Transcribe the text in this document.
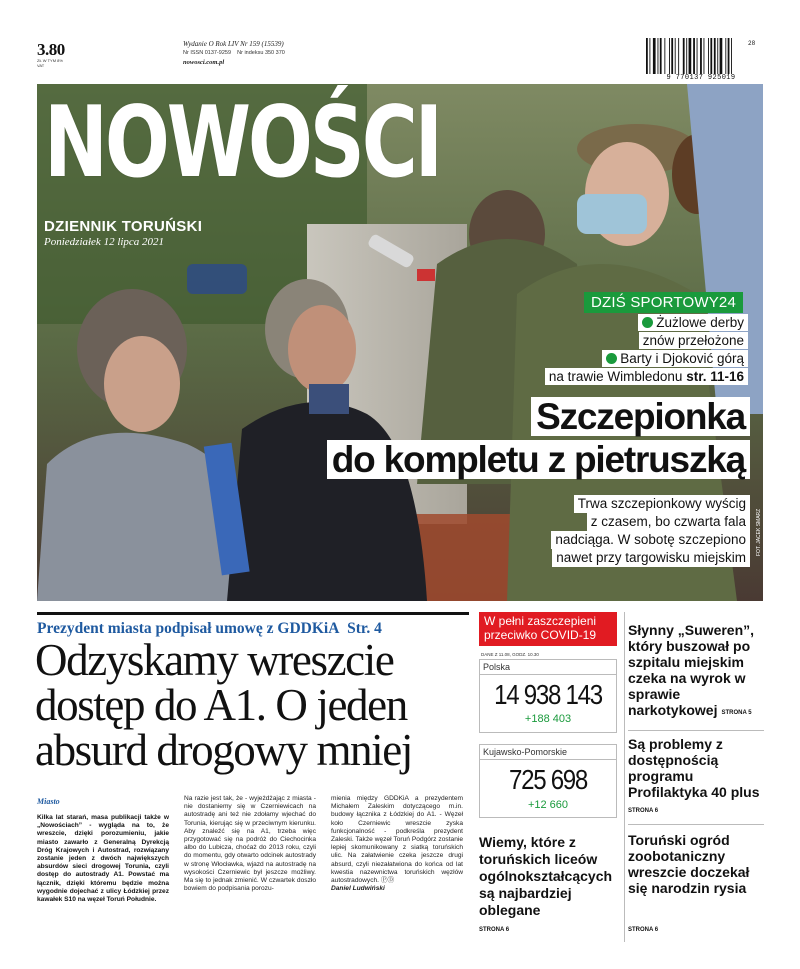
3.80
ZŁ W TYM 8% VAT
Wydanie O Rok LIV Nr 159 (15539)
Nr ISSN 0137-9259 Nr indeksu 350 370
nowosci.com.pl
9 770137 925019
28
NOWOŚCI
DZIENNIK TORUŃSKI
Poniedziałek 12 lipca 2021
DZIŚ SPORTOWY24
Żużlowe derby
znów przełożone
Barty i Djoković górą
na trawie Wimbledonu str. 11-16
Szczepionka
do kompletu z pietruszką
Trwa szczepionkowy wyścig
z czasem, bo czwarta fala
nadciąga. W sobotę szczepiono
nawet przy targowisku miejskim
FOT. JACEK SMARZ
Prezydent miasta podpisał umowę z GDDKiA Str. 4
Odzyskamy wreszcie dostęp do A1. O jeden absurd drogowy mniej
Miasto
Kilka lat starań, masa publikacji także w „Nowościach” - wygląda na to, że wreszcie, dzięki porozumieniu, jakie miasto zawarło z Generalną Dyrekcją Dróg Krajowych i Autostrad, rozwiązany zostanie jeden z dwóch największych absurdów sieci drogowej Torunia, czyli dostęp do autostrady A1. Powstać ma łącznik, dzięki któremu będzie można wygodnie dojechać z ulicy Łódzkiej przez kawałek S10 na węzeł Toruń Południe.
Na razie jest tak, że - wyjeżdżając z miasta - nie dostaniemy się w Czerniewicach na autostradę ani też nie zdołamy wjechać do Torunia, kierując się w przeciwnym kierunku. Aby znaleźć się na A1, trzeba więc przygotować się na podróż do Ciechocinka albo do Lubicza, choćaż do 2013 roku, czyli do momentu, gdy otwarto odcinek autostrady w stronę Włocławka, wjazd na autostradę na wysokości Czerniewic był jeszcze możliwy. Ma się to jednak zmienić. W czwartek doszło bowiem do podpisania porozu-
mienia między GDDKiA a prezydentem Michałem Zaleskim dotyczącego m.in. budowy łącznika z Łódzkiej do A1. - Węzeł koło Czerniewic wreszcie zyska funkcjonalność - podkreśla prezydent Zaleski. Także węzeł Toruń Podgórz zostanie lepiej skomunikowany z siatką toruńskich ulic. Na załatwienie czeka jeszcze drugi absurd, czyli niezałatwiona do końca od lat kwestia nazewnictwa toruńskich węzłów autostradowych. ⓅⒹ
Daniel Ludwiński
W pełni zaszczepieni przeciwko COVID-19
DANE Z 11.08, GODZ. 10.30
Polska
14 938 143
+188 403
Kujawsko-Pomorskie
725 698
+12 660
Wiemy, które z toruńskich liceów ogólnokształcących są najbardziej oblegane
STRONA 6
Słynny „Suweren”, który buszował po szpitalu miejskim czeka na wyrok w sprawie narkotykowej STRONA 5
Są problemy z dostępnością programu Profilaktyka 40 plus
STRONA 6
Toruński ogród zoobotaniczny wreszcie doczekał się narodzin rysia
STRONA 6
